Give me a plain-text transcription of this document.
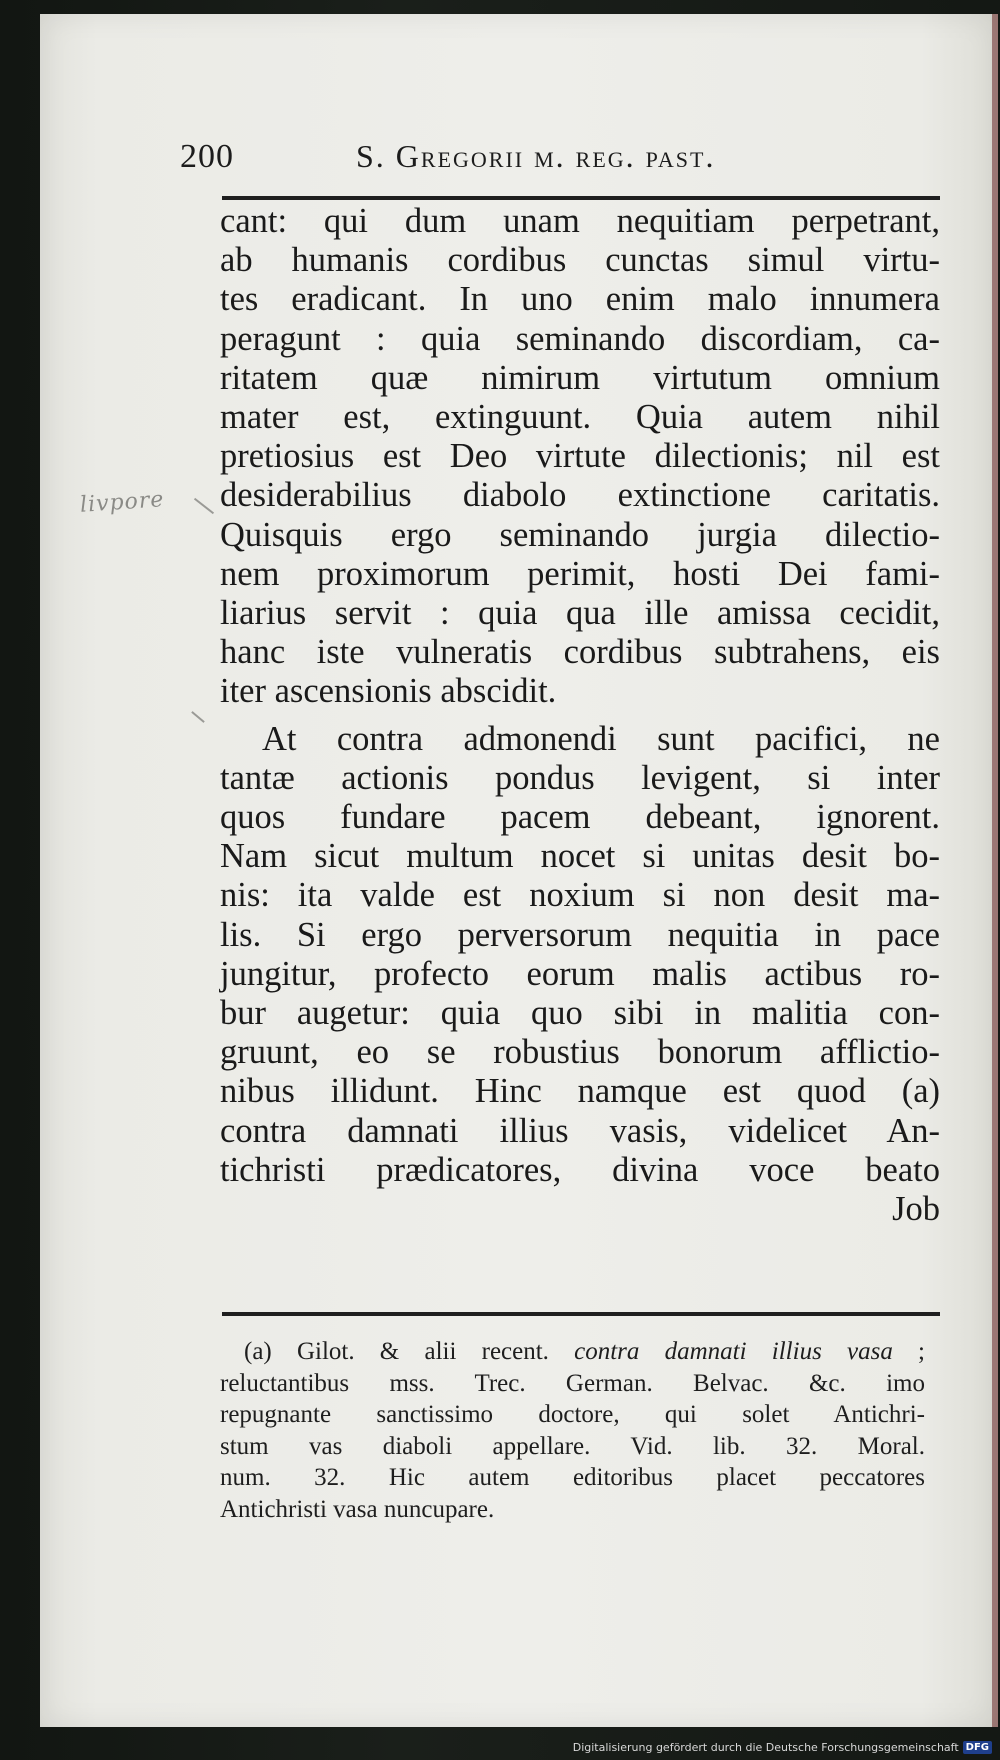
200	S. Gregorii m. reg. past.
cant: qui dum unam nequitiam perpetrant,
ab humanis cordibus cunctas simul virtu-
tes eradicant. In uno enim malo innumera
peragunt : quia seminando discordiam, ca-
ritatem quæ nimirum virtutum omnium
mater est, extinguunt. Quia autem nihil
pretiosius est Deo virtute dilectionis; nil est
desiderabilius diabolo extinctione caritatis.
Quisquis ergo seminando jurgia dilectio-
nem proximorum perimit, hosti Dei fami-
liarius servit : quia qua ille amissa cecidit,
hanc iste vulneratis cordibus subtrahens, eis
iter ascensionis abscidit.
At contra admonendi sunt pacifici, ne
tantæ actionis pondus levigent, si inter
quos fundare pacem debeant, ignorent.
Nam sicut multum nocet si unitas desit bo-
nis: ita valde est noxium si non desit ma-
lis. Si ergo perversorum nequitia in pace
jungitur, profecto eorum malis actibus ro-
bur augetur: quia quo sibi in malitia con-
gruunt, eo se robustius bonorum afflictio-
nibus illidunt. Hinc namque est quod (a)
contra damnati illius vasis, videlicet An-
tichristi prædicatores, divina voce beato
Job
livpore
(a) Gilot. & alii recent. contra damnati illius vasa ;
reluctantibus mss. Trec. German. Belvac. &c. imo
repugnante sanctissimo doctore, qui solet Antichri-
stum vas diaboli appellare. Vid. lib. 32. Moral.
num. 32. Hic autem editoribus placet peccatores
Antichristi vasa nuncupare.
Digitalisierung gefördert durch die Deutsche Forschungsgemeinschaft DFG
